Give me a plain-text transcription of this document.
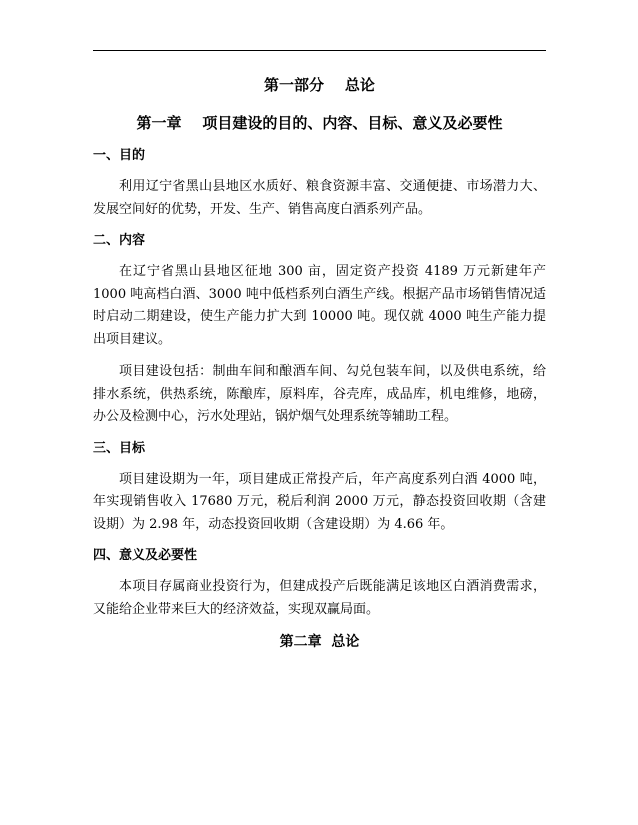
第一部分    总论
第一章    项目建设的目的、内容、目标、意义及必要性
一、目的

利用辽宁省黑山县地区水质好、粮食资源丰富、交通便捷、市场潜力大、发展空间好的优势，开发、生产、销售高度白酒系列产品。

二、内容

在辽宁省黑山县地区征地 300 亩，固定资产投资 4189 万元新建年产 1000 吨高档白酒、3000 吨中低档系列白酒生产线。根据产品市场销售情况适时启动二期建设，使生产能力扩大到 10000 吨。现仅就 4000 吨生产能力提出项目建议。

项目建设包括：制曲车间和酿酒车间、勾兑包装车间，以及供电系统，给排水系统，供热系统，陈酿库，原料库，谷壳库，成品库，机电维修，地磅，办公及检测中心，污水处理站，锅炉烟气处理系统等辅助工程。

三、目标

项目建设期为一年，项目建成正常投产后，年产高度系列白酒 4000 吨，年实现销售收入 17680 万元，税后利润 2000 万元，静态投资回收期（含建设期）为 2.98 年，动态投资回收期（含建设期）为 4.66 年。

四、意义及必要性

本项目存属商业投资行为，但建成投产后既能满足该地区白酒消费需求，又能给企业带来巨大的经济效益，实现双赢局面。

第二章  总论
